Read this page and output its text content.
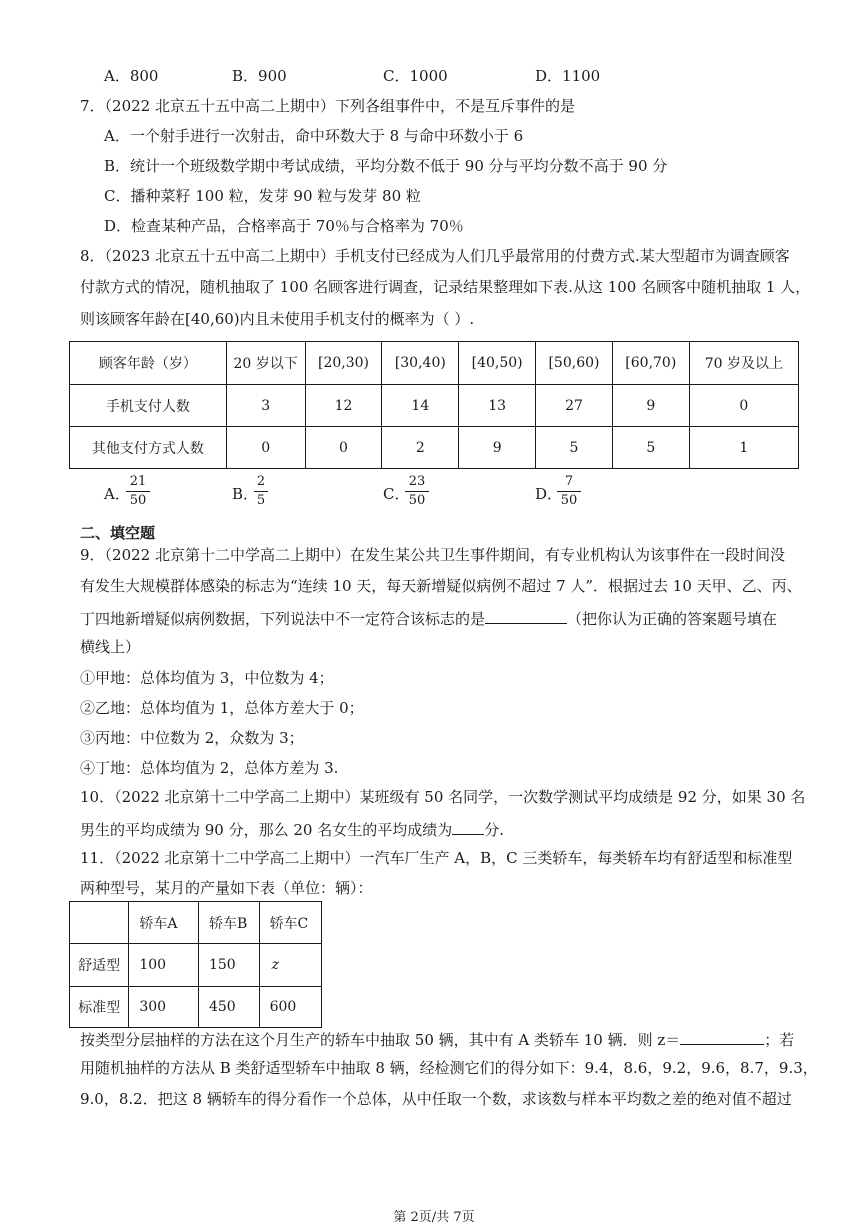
A．800	B．900	C．1000	D．1100
7．（2022 北京五十五中高二上期中）下列各组事件中，不是互斥事件的是
A．一个射手进行一次射击，命中环数大于 8 与命中环数小于 6
B．统计一个班级数学期中考试成绩，平均分数不低于 90 分与平均分数不高于 90 分
C．播种菜籽 100 粒，发芽 90 粒与发芽 80 粒
D．检查某种产品，合格率高于 70％与合格率为 70％
8．（2023 北京五十五中高二上期中）手机支付已经成为人们几乎最常用的付费方式.某大型超市为调查顾客
付款方式的情况，随机抽取了 100 名顾客进行调查，记录结果整理如下表.从这 100 名顾客中随机抽取 1 人，
则该顾客年龄在[40,60)内且未使用手机支付的概率为（ ）.
顾客年龄（岁）	20 岁以下	[20,30)	[30,40)	[40,50)	[50,60)	[60,70)	70 岁及以上
手机支付人数	3	12	14	13	27	9	0
其他支付方式人数	0	0	2	9	5	5	1
A．
21
50	B．
2
5	C．
23
50	D．
7
50
二、填空题
9．（2022 北京第十二中学高二上期中）在发生某公共卫生事件期间，有专业机构认为该事件在一段时间没
有发生大规模群体感染的标志为“连续 10 天，每天新增疑似病例不超过 7 人”．根据过去 10 天甲、乙、丙、
丁四地新增疑似病例数据，下列说法中不一定符合该标志的是	（把你认为正确的答案题号填在
横线上）
①甲地：总体均值为 3，中位数为 4；
②乙地：总体均值为 1，总体方差大于 0；
③丙地：中位数为 2，众数为 3；
④丁地：总体均值为 2，总体方差为 3.
10．（2022 北京第十二中学高二上期中）某班级有 50 名同学，一次数学测试平均成绩是 92 分，如果 30 名
男生的平均成绩为 90 分，那么 20 名女生的平均成绩为 分.
11．（2022 北京第十二中学高二上期中）一汽车厂生产 A，B，C 三类轿车，每类轿车均有舒适型和标准型
两种型号，某月的产量如下表（单位：辆）：
	轿车A	轿车B	轿车C
舒适型	100	150	z
标准型	300	450	600
按类型分层抽样的方法在这个月生产的轿车中抽取 50 辆，其中有 A 类轿车 10 辆．则 z＝	；若
用随机抽样的方法从 B 类舒适型轿车中抽取 8 辆，经检测它们的得分如下：9.4，8.6，9.2，9.6，8.7，9.3，
9.0，8.2．把这 8 辆轿车的得分看作一个总体，从中任取一个数，求该数与样本平均数之差的绝对值不超过
第 2页/共 7页
